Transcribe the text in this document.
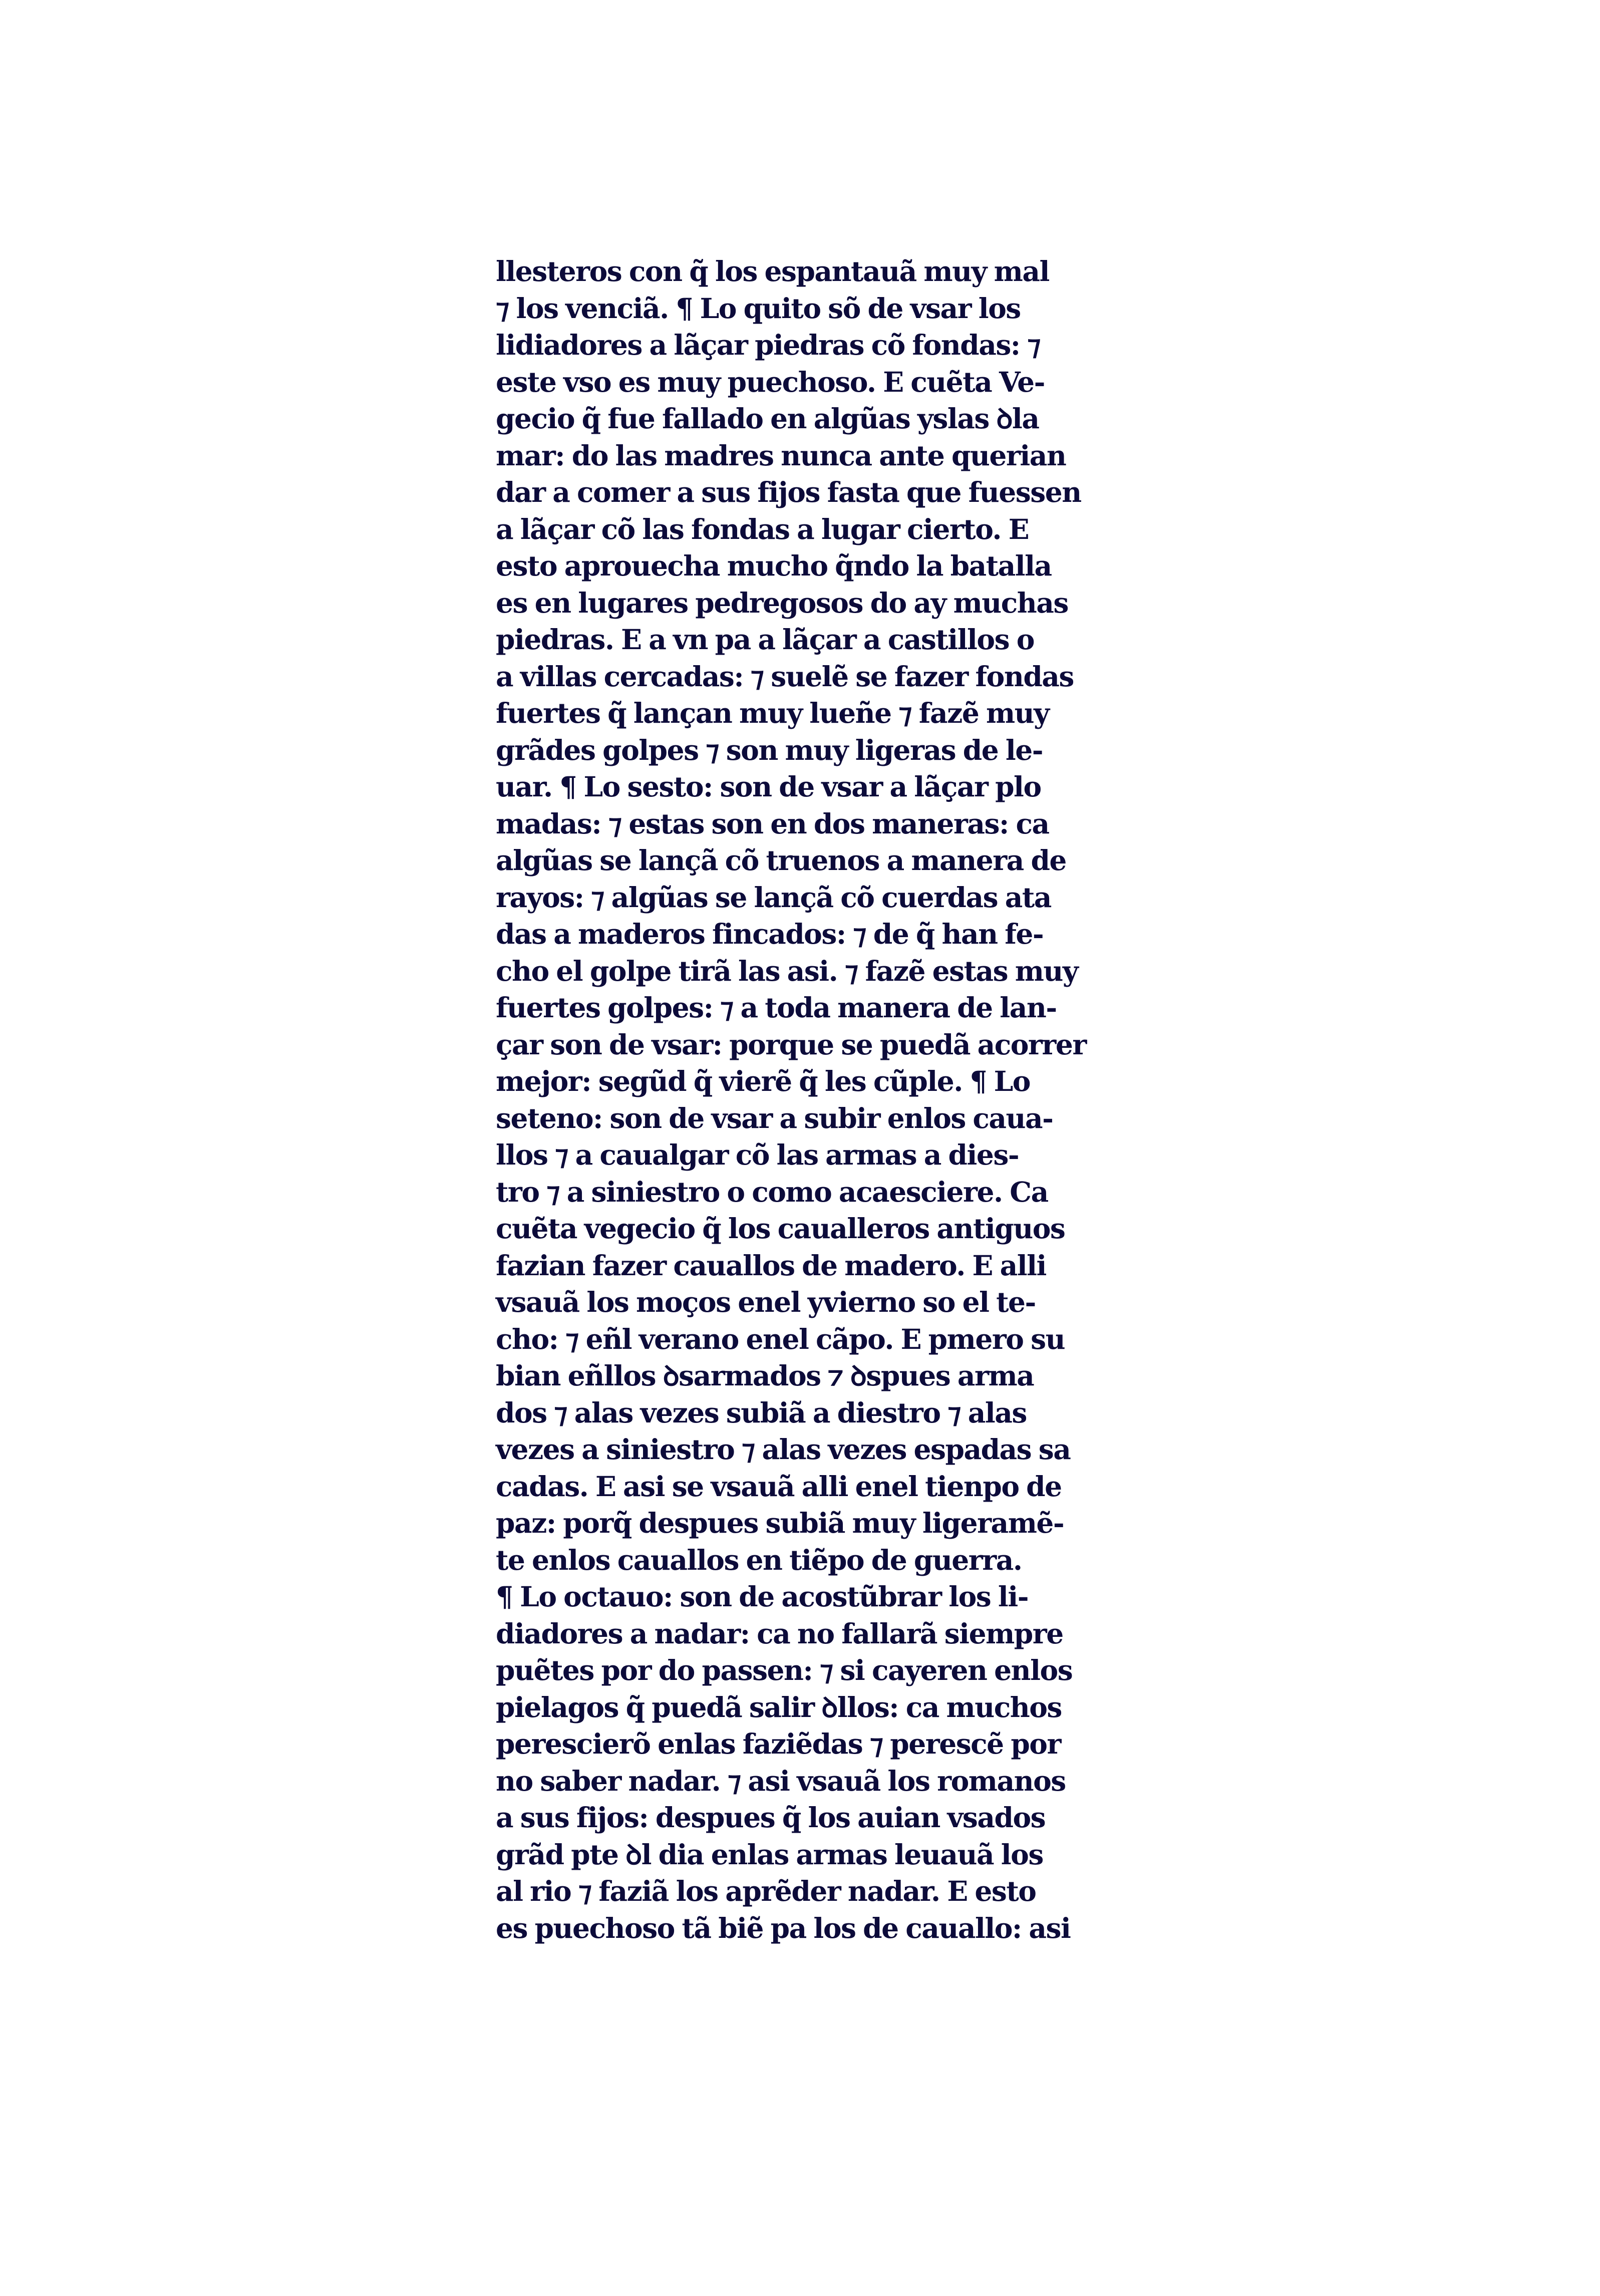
llesteros con q̃ los espantauã muy mal
⁊ los venciã. ¶ Lo quito sõ de vsar los
lidiadores a lãçar piedras cõ fondas: ⁊
este vso es muy puechoso. E cuẽta Ve-
gecio q̃ fue fallado en algũas yslas ꝺla
mar: do las madres nunca ante querian
dar a comer a sus fijos fasta que fuessen
a lãçar cõ las fondas a lugar cierto. E
esto aprouecha mucho q̃ndo la batalla
es en lugares pedregosos do ay muchas
piedras. E a vn pa a lãçar a castillos o
a villas cercadas: ⁊ suelẽ se fazer fondas
fuertes q̃ lançan muy lueñe ⁊ fazẽ muy
grãdes golpes ⁊ son muy ligeras de le-
uar. ¶ Lo sesto: son de vsar a lãçar plo
madas: ⁊ estas son en dos maneras: ca
algũas se lançã cõ truenos a manera de
rayos: ⁊ algũas se lançã cõ cuerdas ata
das a maderos fincados: ⁊ de q̃ han fe-
cho el golpe tirã las asi. ⁊ fazẽ estas muy
fuertes golpes: ⁊ a toda manera de lan-
çar son de vsar: porque se puedã acorrer
mejor: segũd q̃ vierẽ q̃ les cũple. ¶ Lo
seteno: son de vsar a subir enlos caua-
llos ⁊ a caualgar cõ las armas a dies-
tro ⁊ a siniestro o como acaesciere. Ca
cuẽta vegecio q̃ los caualleros antiguos
fazian fazer cauallos de madero. E alli
vsauã los moços enel yvierno so el te-
cho: ⁊ eñl verano enel cãpo. E pmero su
bian eñllos ꝺsarmados ⁊ ꝺspues arma
dos ⁊ alas vezes subiã a diestro ⁊ alas
vezes a siniestro ⁊ alas vezes espadas sa
cadas. E asi se vsauã alli enel tienpo de
paz: porq̃ despues subiã muy ligeramẽ-
te enlos cauallos en tiẽpo de guerra.
¶ Lo octauo: son de acostũbrar los li-
diadores a nadar: ca no fallarã siempre
puẽtes por do passen: ⁊ si cayeren enlos
pielagos q̃ puedã salir ꝺllos: ca muchos
perescierõ enlas faziẽdas ⁊ perescẽ por
no saber nadar. ⁊ asi vsauã los romanos
a sus fijos: despues q̃ los auian vsados
grãd pte ꝺl dia enlas armas leuauã los
al rio ⁊ faziã los aprẽder nadar. E esto
es puechoso tã biẽ pa los de cauallo: asi
